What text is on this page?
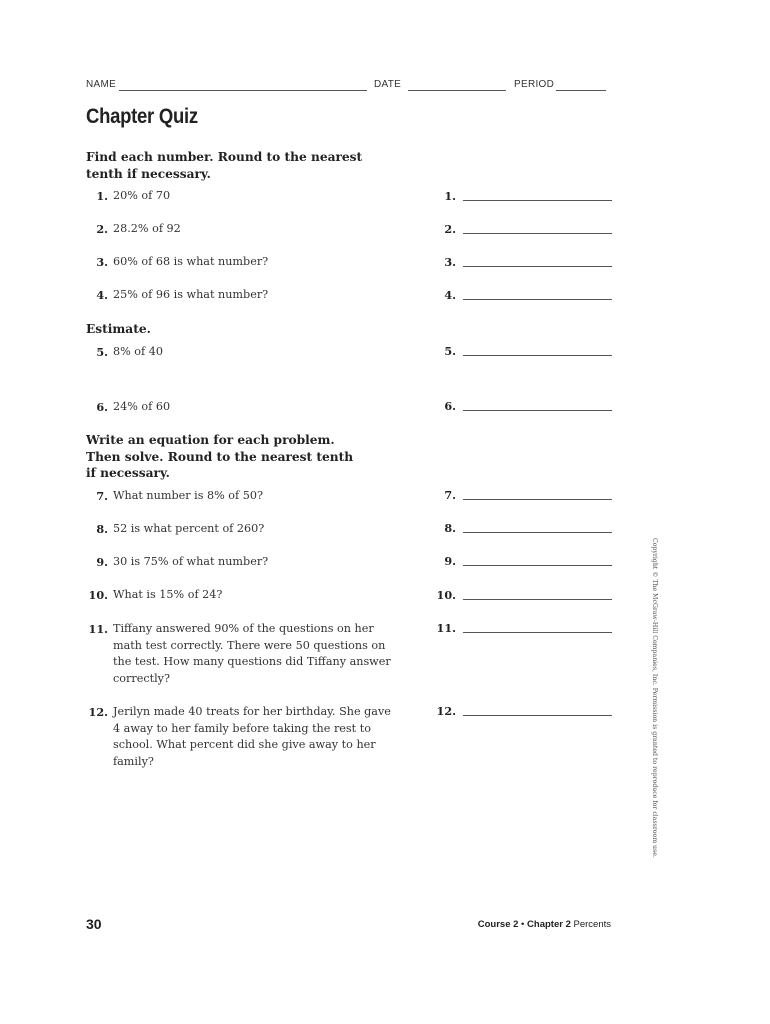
NAME	DATE	PERIOD
Chapter Quiz
Find each number. Round to the nearest tenth if necessary.
1. 20% of 70	1.
2. 28.2% of 92	2.
3. 60% of 68 is what number?	3.
4. 25% of 96 is what number?	4.
Estimate.
5. 8% of 40	5.
6. 24% of 60	6.
Write an equation for each problem. Then solve. Round to the nearest tenth if necessary.
7. What number is 8% of 50?	7.
8. 52 is what percent of 260?	8.
9. 30 is 75% of what number?	9.
10. What is 15% of 24?	10.
11. Tiffany answered 90% of the questions on her math test correctly. There were 50 questions on the test. How many questions did Tiffany answer correctly?
11.
12. Jerilyn made 40 treats for her birthday. She gave 4 away to her family before taking the rest to school. What percent did she give away to her family?
12.	Copyright © The McGraw-Hill Companies, Inc. Permission is granted to reproduce for classroom use.
30	Course 2 • Chapter 2 Percents
